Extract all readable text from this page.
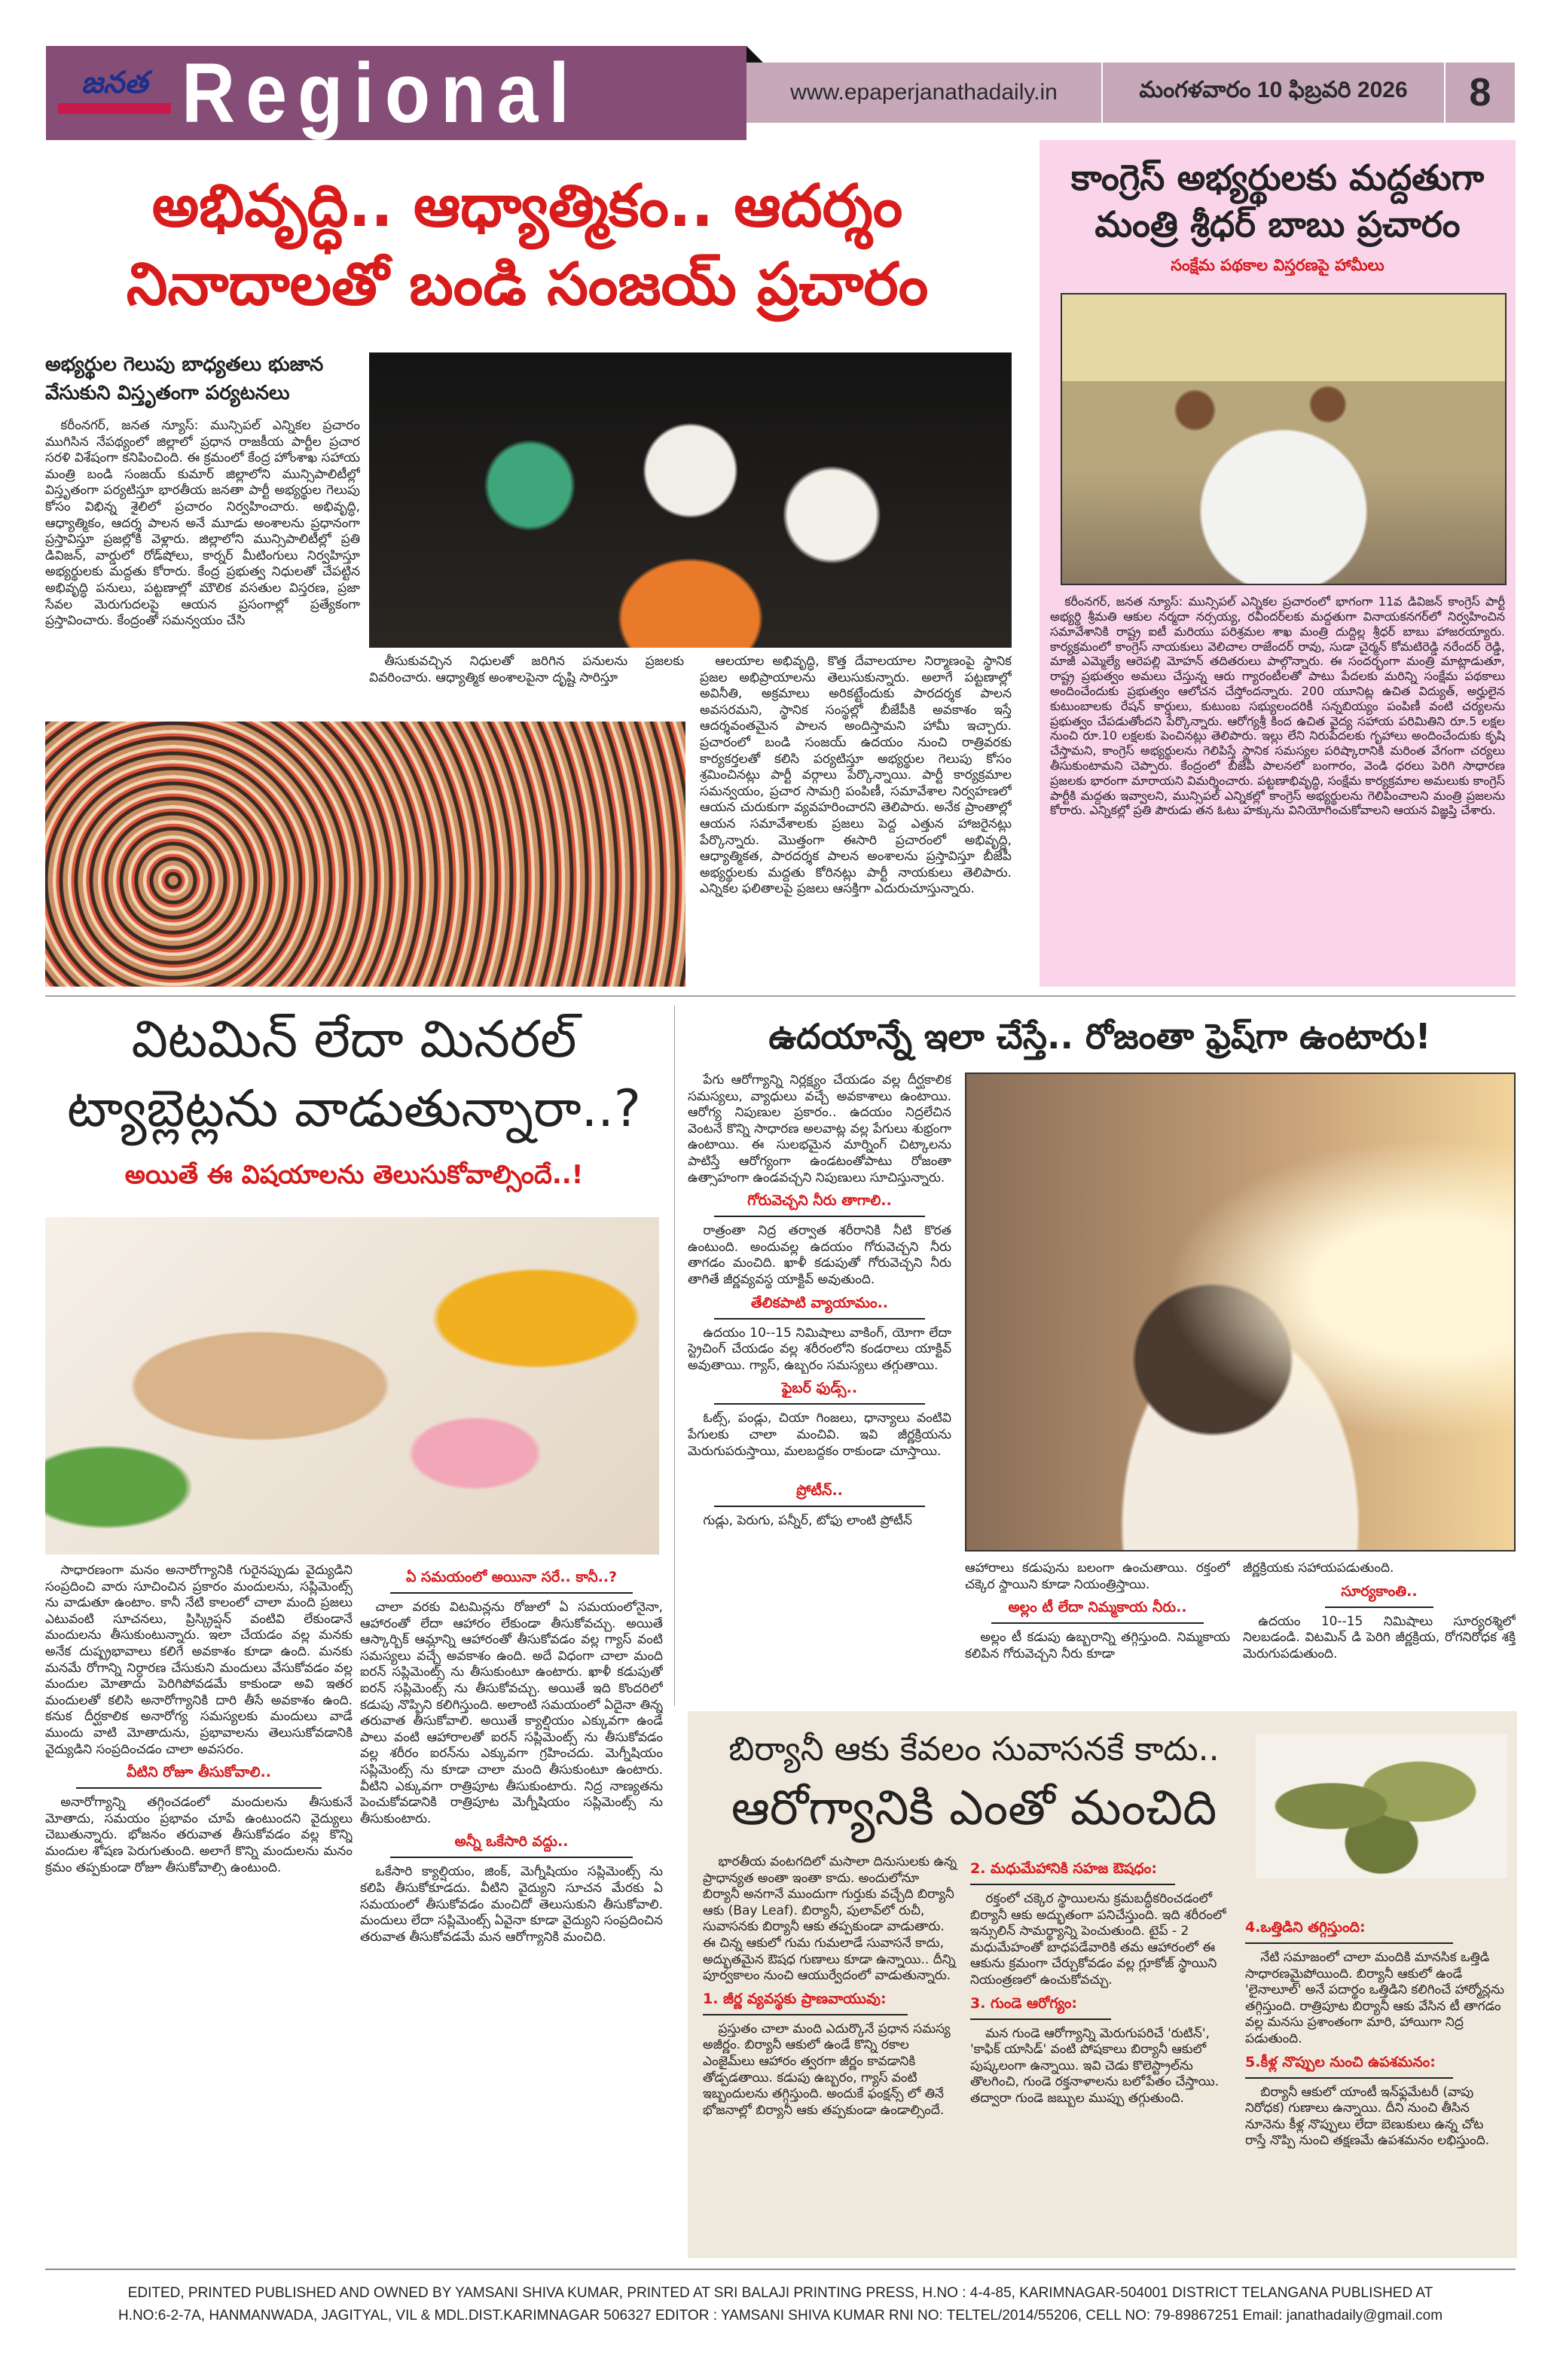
జనత Regional	www.epaperjanathadaily.in	మంగళవారం 10 ఫిబ్రవరి 2026	8
అభివృద్ధి.. ఆధ్యాత్మికం.. ఆదర్శం
నినాదాలతో బండి సంజయ్ ప్రచారం
అభ్యర్థుల గెలుపు బాధ్యతలు భుజాన వేసుకుని విస్తృతంగా పర్యటనలు
కరీంనగర్, జనత న్యూస్: మున్సిపల్ ఎన్నికల ప్రచారం ముగిసిన నేపథ్యంలో జిల్లాలో ప్రధాన రాజకీయ పార్టీల ప్రచార సరళి విశేషంగా కనిపించింది. ఈ క్రమంలో కేంద్ర హోంశాఖ సహాయ మంత్రి బండి సంజయ్ కుమార్ జిల్లాలోని మున్సిపాలిటీల్లో విస్తృతంగా పర్యటిస్తూ భారతీయ జనతా పార్టీ అభ్యర్థుల గెలుపు కోసం విభిన్న శైలిలో ప్రచారం నిర్వహించారు. అభివృద్ధి, ఆధ్యాత్మికం, ఆదర్శ పాలన అనే మూడు అంశాలను ప్రధానంగా ప్రస్తావిస్తూ ప్రజల్లోకి వెళ్లారు. జిల్లాలోని మున్సిపాలిటీల్లో ప్రతి డివిజన్, వార్డులో రోడ్‌షోలు, కార్నర్ మీటింగులు నిర్వహిస్తూ అభ్యర్థులకు మద్దతు కోరారు. కేంద్ర ప్రభుత్వ నిధులతో చేపట్టిన అభివృద్ధి పనులు, పట్టణాల్లో మౌలిక వసతుల విస్తరణ, ప్రజా సేవల మెరుగుదలపై ఆయన ప్రసంగాల్లో ప్రత్యేకంగా ప్రస్తావించారు. కేంద్రంతో సమన్వయం చేసి
తీసుకువచ్చిన నిధులతో జరిగిన పనులను ప్రజలకు వివరించారు. ఆధ్యాత్మిక అంశాలపైనా దృష్టి సారిస్తూ
ఆలయాల అభివృద్ధి, కొత్త దేవాలయాల నిర్మాణంపై స్థానిక ప్రజల అభిప్రాయాలను తెలుసుకున్నారు. అలాగే పట్టణాల్లో అవినీతి, అక్రమాలు అరికట్టేందుకు పారదర్శక పాలన అవసరమని, స్థానిక సంస్థల్లో బీజేపీకి అవకాశం ఇస్తే ఆదర్శవంతమైన పాలన అందిస్తామని హామీ ఇచ్చారు. ప్రచారంలో బండి సంజయ్ ఉదయం నుంచి రాత్రివరకు కార్యకర్తలతో కలిసి పర్యటిస్తూ అభ్యర్థుల గెలుపు కోసం శ్రమించినట్లు పార్టీ వర్గాలు పేర్కొన్నాయి. పార్టీ కార్యక్రమాల సమన్వయం, ప్రచార సామగ్రి పంపిణీ, సమావేశాల నిర్వహణలో ఆయన చురుకుగా వ్యవహరించారని తెలిపారు. అనేక ప్రాంతాల్లో ఆయన సమావేశాలకు ప్రజలు పెద్ద ఎత్తున హాజరైనట్లు పేర్కొన్నారు. మొత్తంగా ఈసారి ప్రచారంలో అభివృద్ధి, ఆధ్యాత్మికత, పారదర్శక పాలన అంశాలను ప్రస్తావిస్తూ బీజేపీ అభ్యర్థులకు మద్దతు కోరినట్లు పార్టీ నాయకులు తెలిపారు. ఎన్నికల ఫలితాలపై ప్రజలు ఆసక్తిగా ఎదురుచూస్తున్నారు.
కాంగ్రెస్ అభ్యర్థులకు మద్దతుగా
మంత్రి శ్రీధర్ బాబు ప్రచారం
సంక్షేమ పథకాల విస్తరణపై హామీలు
కరీంనగర్, జనత న్యూస్: మున్సిపల్ ఎన్నికల ప్రచారంలో భాగంగా 11వ డివిజన్ కాంగ్రెస్ పార్టీ అభ్యర్థి శ్రీమతి ఆకుల నర్మదా నర్సయ్య, రవీందర్‌లకు మద్దతుగా వినాయకనగర్‌లో నిర్వహించిన సమావేశానికి రాష్ట్ర ఐటీ మరియు పరిశ్రమల శాఖ మంత్రి దుద్దిల్ల శ్రీధర్ బాబు హాజరయ్యారు. కార్యక్రమంలో కాంగ్రెస్ నాయకులు వెలిచాల రాజేందర్ రావు, సుడా చైర్మన్ కోమటిరెడ్డి నరేందర్ రెడ్డి, మాజీ ఎమ్మెల్యే ఆరెపల్లి మోహన్ తదితరులు పాల్గొన్నారు. ఈ సందర్భంగా మంత్రి మాట్లాడుతూ, రాష్ట్ర ప్రభుత్వం అమలు చేస్తున్న ఆరు గ్యారంటీలతో పాటు పేదలకు మరిన్ని సంక్షేమ పథకాలు అందించేందుకు ప్రభుత్వం ఆలోచన చేస్తోందన్నారు. 200 యూనిట్ల ఉచిత విద్యుత్, అర్హులైన కుటుంబాలకు రేషన్ కార్డులు, కుటుంబ సభ్యులందరికీ సన్నబియ్యం పంపిణీ వంటి చర్యలను ప్రభుత్వం చేపడుతోందని పేర్కొన్నారు. ఆరోగ్యశ్రీ కింద ఉచిత వైద్య సహాయ పరిమితిని రూ.5 లక్షల నుంచి రూ.10 లక్షలకు పెంచినట్లు తెలిపారు. ఇల్లు లేని నిరుపేదలకు గృహాలు అందించేందుకు కృషి చేస్తామని, కాంగ్రెస్ అభ్యర్థులను గెలిపిస్తే స్థానిక సమస్యల పరిష్కారానికి మరింత వేగంగా చర్యలు తీసుకుంటామని చెప్పారు. కేంద్రంలో బీజేపీ పాలనలో బంగారం, వెండి ధరలు పెరిగి సాధారణ ప్రజలకు భారంగా మారాయని విమర్శించారు. పట్టణాభివృద్ధి, సంక్షేమ కార్యక్రమాల అమలుకు కాంగ్రెస్ పార్టీకి మద్దతు ఇవ్వాలని, మున్సిపల్ ఎన్నికల్లో కాంగ్రెస్ అభ్యర్థులను గెలిపించాలని మంత్రి ప్రజలను కోరారు. ఎన్నికల్లో ప్రతి పౌరుడు తన ఓటు హక్కును వినియోగించుకోవాలని ఆయన విజ్ఞప్తి చేశారు.
విటమిన్ లేదా మినరల్
ట్యాబ్లెట్లను వాడుతున్నారా..?
అయితే ఈ విషయాలను తెలుసుకోవాల్సిందే..!
సాధారణంగా మనం అనారోగ్యానికి గురైనప్పుడు వైద్యుడిని సంప్రదించి వారు సూచించిన ప్రకారం మందులను, సప్లిమెంట్స్ ను వాడుతూ ఉంటాం. కానీ నేటి కాలంలో చాలా మంది ప్రజలు ఎటువంటి సూచనలు, ప్రిస్క్రిప్షన్ వంటివి లేకుండానే మందులను తీసుకుంటున్నారు. ఇలా చేయడం వల్ల మనకు అనేక దుష్ప్రభావాలు కలిగే అవకాశం కూడా ఉంది. మనకు మనమే రోగాన్ని నిర్ధారణ చేసుకుని మందులు వేసుకోవడం వల్ల మందుల మోతాదు పెరిగిపోవడమే కాకుండా అవి ఇతర మందులతో కలిసి అనారోగ్యానికి దారి తీసే అవకాశం ఉంది. కనుక దీర్ఘకాలిక అనారోగ్య సమస్యలకు మందులు వాడే ముందు వాటి మోతాదును, ప్రభావాలను తెలుసుకోవడానికి వైద్యుడిని సంప్రదించడం చాలా అవసరం.
వీటిని రోజూ తీసుకోవాలి..
అనారోగ్యాన్ని తగ్గించడంలో మందులను తీసుకునే మోతాదు, సమయం ప్రభావం చూపే ఉంటుందని వైద్యులు చెబుతున్నారు. భోజనం తరువాత తీసుకోవడం వల్ల కొన్ని మందుల శోషణ పెరుగుతుంది. అలాగే కొన్ని మందులను మనం క్రమం తప్పకుండా రోజూ తీసుకోవాల్సి ఉంటుంది.
ఏ సమయంలో అయినా సరే.. కానీ..?
చాలా వరకు విటమిన్లను రోజులో ఏ సమయంలోనైనా, ఆహారంతో లేదా ఆహారం లేకుండా తీసుకోవచ్చు. అయితే ఆస్కార్బిక్ ఆమ్లాన్ని ఆహారంతో తీసుకోవడం వల్ల గ్యాస్ వంటి సమస్యలు వచ్చే అవకాశం ఉంది. అదే విధంగా చాలా మంది ఐరన్ సప్లిమెంట్స్ ను తీసుకుంటూ ఉంటారు. ఖాళీ కడుపుతో ఐరన్ సప్లిమెంట్స్ ను తీసుకోవచ్చు. అయితే ఇది కొందరిలో కడుపు నొప్పిని కలిగిస్తుంది. అలాంటి సమయంలో ఏదైనా తిన్న తరువాత తీసుకోవాలి. అయితే క్యాల్షియం ఎక్కువగా ఉండే పాలు వంటి ఆహారాలతో ఐరన్ సప్లిమెంట్స్ ను తీసుకోవడం వల్ల శరీరం ఐరన్‌ను ఎక్కువగా గ్రహించదు. మెగ్నీషియం సప్లిమెంట్స్ ను కూడా చాలా మంది తీసుకుంటూ ఉంటారు. వీటిని ఎక్కువగా రాత్రిపూట తీసుకుంటారు. నిద్ర నాణ్యతను పెంచుకోవడానికి రాత్రిపూట మెగ్నీషియం సప్లిమెంట్స్ ను తీసుకుంటారు.
అన్నీ ఒకేసారి వద్దు..
ఒకేసారి క్యాల్షియం, జింక్, మెగ్నీషియం సప్లిమెంట్స్ ను కలిపి తీసుకోకూడదు. వీటిని వైద్యుని సూచన మేరకు ఏ సమయంలో తీసుకోవడం మంచిదో తెలుసుకుని తీసుకోవాలి. మందులు లేదా సప్లిమెంట్స్ ఏవైనా కూడా వైద్యుని సంప్రదించిన తరువాత తీసుకోవడమే మన ఆరోగ్యానికి మంచిది.
ఉదయాన్నే ఇలా చేస్తే.. రోజంతా ఫ్రెష్‌గా ఉంటారు!
పేగు ఆరోగ్యాన్ని నిర్లక్ష్యం చేయడం వల్ల దీర్ఘకాలిక సమస్యలు, వ్యాధులు వచ్చే అవకాశాలు ఉంటాయి. ఆరోగ్య నిపుణుల ప్రకారం.. ఉదయం నిద్రలేచిన వెంటనే కొన్ని సాధారణ అలవాట్ల వల్ల పేగులు శుభ్రంగా ఉంటాయి. ఈ సులభమైన మార్నింగ్ చిట్కాలను పాటిస్తే ఆరోగ్యంగా ఉండటంతోపాటు రోజంతా ఉత్సాహంగా ఉండవచ్చని నిపుణులు సూచిస్తున్నారు.
గోరువెచ్చని నీరు తాగాలి..
రాత్రంతా నిద్ర తర్వాత శరీరానికి నీటి కొరత ఉంటుంది. అందువల్ల ఉదయం గోరువెచ్చని నీరు తాగడం మంచిది. ఖాళీ కడుపుతో గోరువెచ్చని నీరు తాగితే జీర్ణవ్యవస్థ యాక్టివ్ అవుతుంది.
తేలికపాటి వ్యాయామం..
ఉదయం 10--15 నిమిషాలు వాకింగ్, యోగా లేదా స్ట్రెచింగ్ చేయడం వల్ల శరీరంలోని కండరాలు యాక్టివ్ అవుతాయి. గ్యాస్, ఉబ్బరం సమస్యలు తగ్గుతాయి.
ఫైబర్ ఫుడ్స్..
ఓట్స్, పండ్లు, చియా గింజలు, ధాన్యాలు వంటివి పేగులకు చాలా మంచివి. ఇవి జీర్ణక్రియను మెరుగుపరుస్తాయి, మలబద్ధకం రాకుండా చూస్తాయి.
ప్రోటీన్..
గుడ్లు, పెరుగు, పన్నీర్, టోఫు లాంటి ప్రోటీన్
ఆహారాలు కడుపును బలంగా ఉంచుతాయి. రక్తంలో చక్కెర స్థాయిని కూడా నియంత్రిస్తాయి.
అల్లం టీ లేదా నిమ్మకాయ నీరు..
అల్లం టీ కడుపు ఉబ్బరాన్ని తగ్గిస్తుంది. నిమ్మకాయ కలిపిన గోరువెచ్చని నీరు కూడా
జీర్ణక్రియకు సహాయపడుతుంది.
సూర్యకాంతి..
ఉదయం 10--15 నిమిషాలు సూర్యరశ్మిలో నిలబడండి. విటమిన్ డి పెరిగి జీర్ణక్రియ, రోగనిరోధక శక్తి మెరుగుపడుతుంది.
బిర్యానీ ఆకు కేవలం సువాసనకే కాదు..
ఆరోగ్యానికి ఎంతో మంచిది
భారతీయ వంటగదిలో మసాలా దినుసులకు ఉన్న ప్రాధాన్యత అంతా ఇంతా కాదు. అందులోనూ బిర్యానీ అనగానే ముందుగా గుర్తుకు వచ్చేది బిర్యానీ ఆకు (Bay Leaf). బిర్యానీ, పులావ్‌లో రుచీ, సువాసనకు బిర్యానీ ఆకు తప్పకుండా వాడుతారు. ఈ చిన్న ఆకులో గుమ గుమలాడే సువాసనే కాదు, అద్భుతమైన ఔషధ గుణాలు కూడా ఉన్నాయి.. దీన్ని పూర్వకాలం నుంచి ఆయుర్వేదంలో వాడుతున్నారు.
1. జీర్ణ వ్యవస్థకు ప్రాణవాయువు:
ప్రస్తుతం చాలా మంది ఎదుర్కొనే ప్రధాన సమస్య అజీర్ణం. బిర్యానీ ఆకులో ఉండే కొన్ని రకాల ఎంజైమ్‌లు ఆహారం త్వరగా జీర్ణం కావడానికి తోడ్పడతాయి. కడుపు ఉబ్బరం, గ్యాస్ వంటి ఇబ్బందులను తగ్గిస్తుంది. అందుకే ఫంక్షన్స్ లో తినే భోజనాల్లో బిర్యానీ ఆకు తప్పకుండా ఉండాల్సిందే.
2. మధుమేహానికి సహజ ఔషధం:
రక్తంలో చక్కెర స్థాయిలను క్రమబద్ధీకరించడంలో బిర్యానీ ఆకు అద్భుతంగా పనిచేస్తుంది. ఇది శరీరంలో ఇన్సులిన్ సామర్థ్యాన్ని పెంచుతుంది. టైప్ - 2 మధుమేహంతో బాధపడేవారికి తమ ఆహారంలో ఈ ఆకును క్రమంగా చేర్చుకోవడం వల్ల గ్లూకోజ్ స్థాయిని నియంత్రణలో ఉంచుకోవచ్చు.
3. గుండె ఆరోగ్యం:
మన గుండె ఆరోగ్యాన్ని మెరుగుపరిచే 'రుటిన్', 'కాఫిక్ యాసిడ్' వంటి పోషకాలు బిర్యానీ ఆకులో పుష్కలంగా ఉన్నాయి. ఇవి చెడు కొలెస్ట్రాల్‌ను తొలగించి, గుండె రక్తనాళాలను బలోపేతం చేస్తాయి. తద్వారా గుండె జబ్బుల ముప్పు తగ్గుతుంది.
4.ఒత్తిడిని తగ్గిస్తుంది:
నేటి సమాజంలో చాలా మందికి మానసిక ఒత్తిడి సాధారణమైపోయింది. బిర్యానీ ఆకులో ఉండే 'లైనాలూల్' అనే పదార్థం ఒత్తిడిని కలిగించే హార్మోన్లను తగ్గిస్తుంది. రాత్రిపూట బిర్యానీ ఆకు వేసిన టీ తాగడం వల్ల మనసు ప్రశాంతంగా మారి, హాయిగా నిద్ర పడుతుంది.
5.కీళ్ల నొప్పుల నుంచి ఉపశమనం:
బిర్యానీ ఆకులో యాంటీ ఇన్‌ఫ్లమేటరీ (వాపు నిరోధక) గుణాలు ఉన్నాయి. దీని నుంచి తీసిన నూనెను కీళ్ల నొప్పులు లేదా బెణుకులు ఉన్న చోట రాస్తే నొప్పి నుంచి తక్షణమే ఉపశమనం లభిస్తుంది.
EDITED, PRINTED PUBLISHED AND OWNED BY YAMSANI SHIVA KUMAR, PRINTED AT SRI BALAJI PRINTING PRESS, H.NO : 4-4-85, KARIMNAGAR-504001 DISTRICT TELANGANA PUBLISHED AT
H.NO:6-2-7A, HANMANWADA, JAGITYAL, VIL & MDL.DIST.KARIMNAGAR 506327 EDITOR : YAMSANI SHIVA KUMAR RNI NO: TELTEL/2014/55206, CELL NO: 79-89867251 Email: janathadaily@gmail.com
